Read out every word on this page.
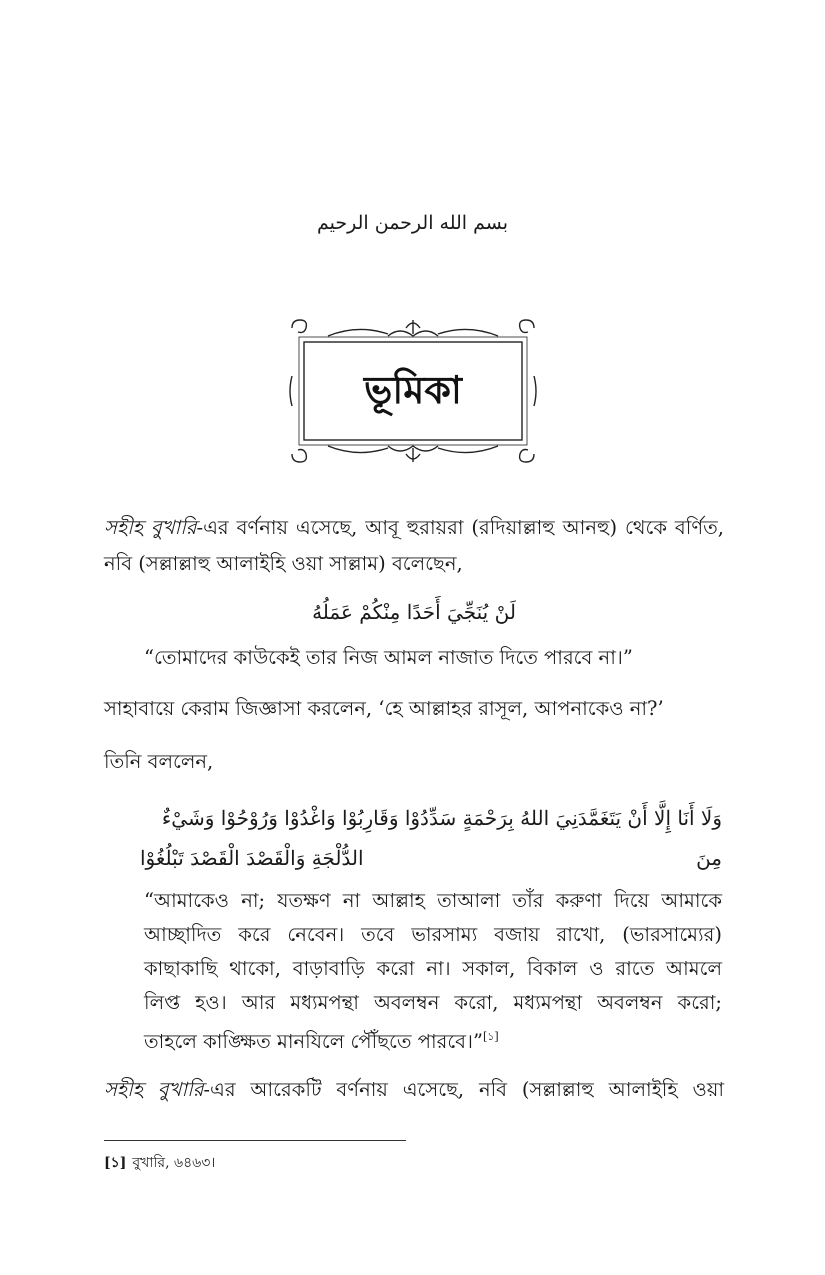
بسم الله الرحمن الرحيم
ভূমিকা
সহীহ বুখারি-এর বর্ণনায় এসেছে, আবূ হুরায়রা (রদিয়াল্লাহু আনহু) থেকে বর্ণিত,
নবি (সল্লাল্লাহু আলাইহি ওয়া সাল্লাম) বলেছেন,
لَنْ يُنَجِّيَ أَحَدًا مِنْكُمْ عَمَلُهُ
“তোমাদের কাউকেই তার নিজ আমল নাজাত দিতে পারবে না।”
সাহাবায়ে কেরাম জিজ্ঞাসা করলেন, ‘হে আল্লাহর রাসূল, আপনাকেও না?’
তিনি বললেন,
وَلَا أَنَا إِلَّا أَنْ يَتَغَمَّدَنِيَ اللهُ بِرَحْمَةٍ سَدِّدُوْا وَقَارِبُوْا وَاغْدُوْا وَرُوْحُوْا وَشَيْءٌ مِنَ
الدُّلْجَةِ وَالْقَصْدَ الْقَصْدَ تَبْلُغُوْا
“আমাকেও না; যতক্ষণ না আল্লাহ তাআলা তাঁর করুণা দিয়ে আমাকে
আচ্ছাদিত করে নেবেন। তবে ভারসাম্য বজায় রাখো, (ভারসাম্যের)
কাছাকাছি থাকো, বাড়াবাড়ি করো না। সকাল, বিকাল ও রাতে আমলে
লিপ্ত হও। আর মধ্যমপন্থা অবলম্বন করো, মধ্যমপন্থা অবলম্বন করো;
তাহলে কাঙ্ক্ষিত মানযিলে পৌঁছতে পারবে।”[১]
সহীহ বুখারি-এর আরেকটি বর্ণনায় এসেছে, নবি (সল্লাল্লাহু আলাইহি ওয়া
[১] বুখারি, ৬৪৬৩।
